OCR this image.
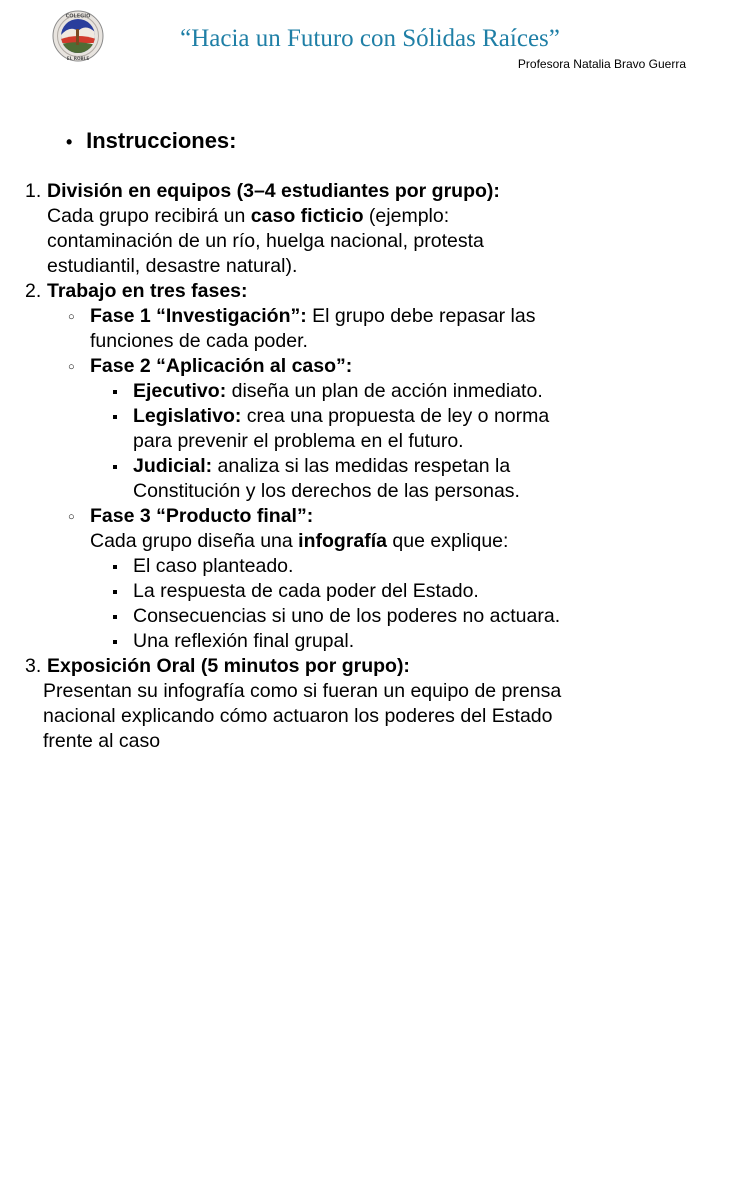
COLEGIO
EL ROBLE
“Hacia un Futuro con Sólidas Raíces”
Profesora Natalia Bravo Guerra
• Instrucciones:
1. División en equipos (3–4 estudiantes por grupo):
Cada grupo recibirá un caso ficticio (ejemplo:
contaminación de un río, huelga nacional, protesta
estudiantil, desastre natural).
2. Trabajo en tres fases:
○ Fase 1 “Investigación”: El grupo debe repasar las
funciones de cada poder.
○ Fase 2 “Aplicación al caso”:
Ejecutivo: diseña un plan de acción inmediato.
Legislativo: crea una propuesta de ley o norma
para prevenir el problema en el futuro.
Judicial: analiza si las medidas respetan la
Constitución y los derechos de las personas.
○ Fase 3 “Producto final”:
Cada grupo diseña una infografía que explique:
El caso planteado.
La respuesta de cada poder del Estado.
Consecuencias si uno de los poderes no actuara.
Una reflexión final grupal.
3. Exposición Oral (5 minutos por grupo):
Presentan su infografía como si fueran un equipo de prensa
nacional explicando cómo actuaron los poderes del Estado
frente al caso
